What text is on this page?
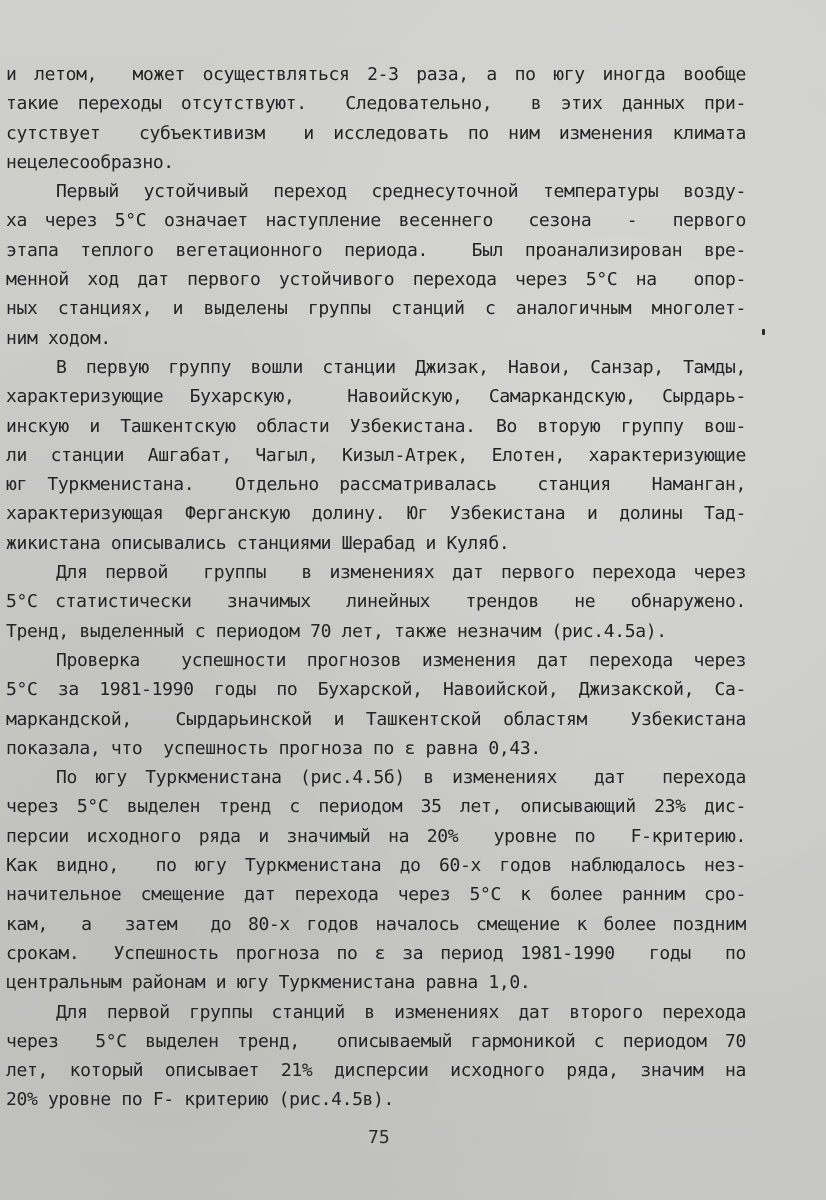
и летом,  может осуществляться 2-3 раза, а по югу иногда вообще
такие переходы отсутствуют.  Следовательно,  в этих данных при-
сутствует  субъективизм  и исследовать по ним изменения климата
нецелесообразно.
Первый устойчивый переход среднесуточной температуры возду-
ха через 5°С означает наступление весеннего  сезона  -  первого
этапа теплого вегетационного периода.  Был проанализирован вре-
менной ход дат первого устойчивого перехода через 5°С на  опор-
ных станциях, и выделены группы станций с аналогичным многолет-
ним ходом.
В первую группу вошли станции Джизак, Навои, Санзар, Тамды,
характеризующие Бухарскую,  Навоийскую, Самаркандскую, Сырдарь-
инскую и Ташкентскую области Узбекистана. Во вторую группу вош-
ли станции Ашгабат, Чагыл, Кизыл-Атрек, Елотен, характеризующие
юг Туркменистана.  Отдельно рассматривалась  станция  Наманган,
характеризующая Ферганскую долину. Юг Узбекистана и долины Тад-
жикистана описывались станциями Шерабад и Куляб.
Для первой  группы  в изменениях дат первого перехода через
5°С статистически  значимых  линейных  трендов  не  обнаружено.
Тренд, выделенный с периодом 70 лет, также незначим (рис.4.5а).
Проверка  успешности прогнозов изменения дат перехода через
5°С за 1981-1990 годы по Бухарской, Навоийской, Джизакской, Са-
маркандской,  Сырдарьинской и Ташкентской областям  Узбекистана
показала, что  успешность прогноза по ε равна 0,43.
По югу Туркменистана (рис.4.5б) в изменениях  дат  перехода
через 5°С выделен тренд с периодом 35 лет, описывающий 23% дис-
персии исходного ряда и значимый на 20%  уровне по  F-критерию.
Как видно,  по югу Туркменистана до 60-х годов наблюдалось нез-
начительное смещение дат перехода через 5°С к более ранним сро-
кам,  а  затем  до 80-х годов началось смещение к более поздним
срокам.  Успешность прогноза по ε за период 1981-1990  годы  по
центральным районам и югу Туркменистана равна 1,0.
Для первой группы станций в изменениях дат второго перехода
через  5°С выделен тренд,  описываемый гармоникой с периодом 70
лет, который описывает 21% дисперсии исходного ряда, значим на
20% уровне по F- критерию (рис.4.5в).
75
